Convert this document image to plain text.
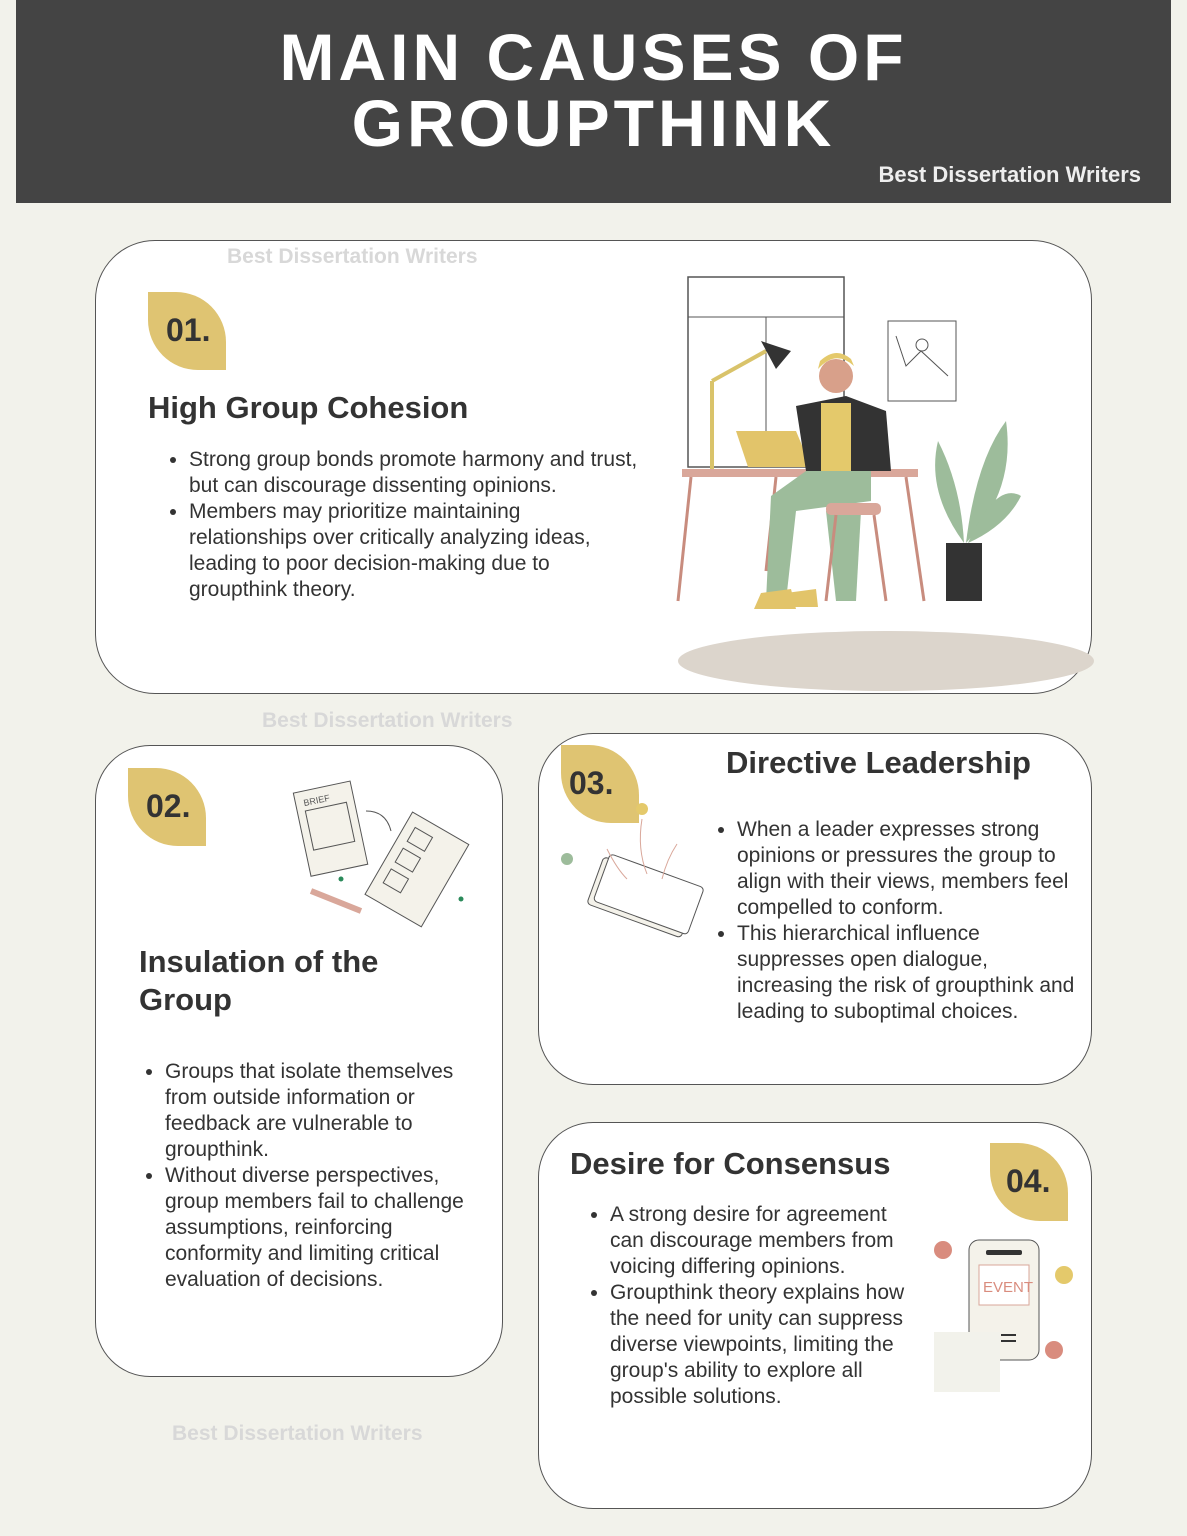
MAIN CAUSES OF
GROUPTHINK
Best Dissertation Writers
01.
High Group Cohesion
• Strong group bonds promote harmony and trust, but can discourage dissenting opinions.
• Members may prioritize maintaining relationships over critically analyzing ideas, leading to poor decision-making due to groupthink theory.
Best Dissertation Writers
Best Dissertation Writers
02.	BRIEF
Insulation of the Group
• Groups that isolate themselves from outside information or feedback are vulnerable to groupthink.
• Without diverse perspectives, group members fail to challenge assumptions, reinforcing conformity and limiting critical evaluation of decisions.
03.
Directive Leadership
• When a leader expresses strong opinions or pressures the group to align with their views, members feel compelled to conform.
• This hierarchical influence suppresses open dialogue, increasing the risk of groupthink and leading to suboptimal choices.
Desire for Consensus	04.
• A strong desire for agreement can discourage members from voicing differing opinions.
• Groupthink theory explains how the need for unity can suppress diverse viewpoints, limiting the group's ability to explore all possible solutions.
EVENT
Best Dissertation Writers
